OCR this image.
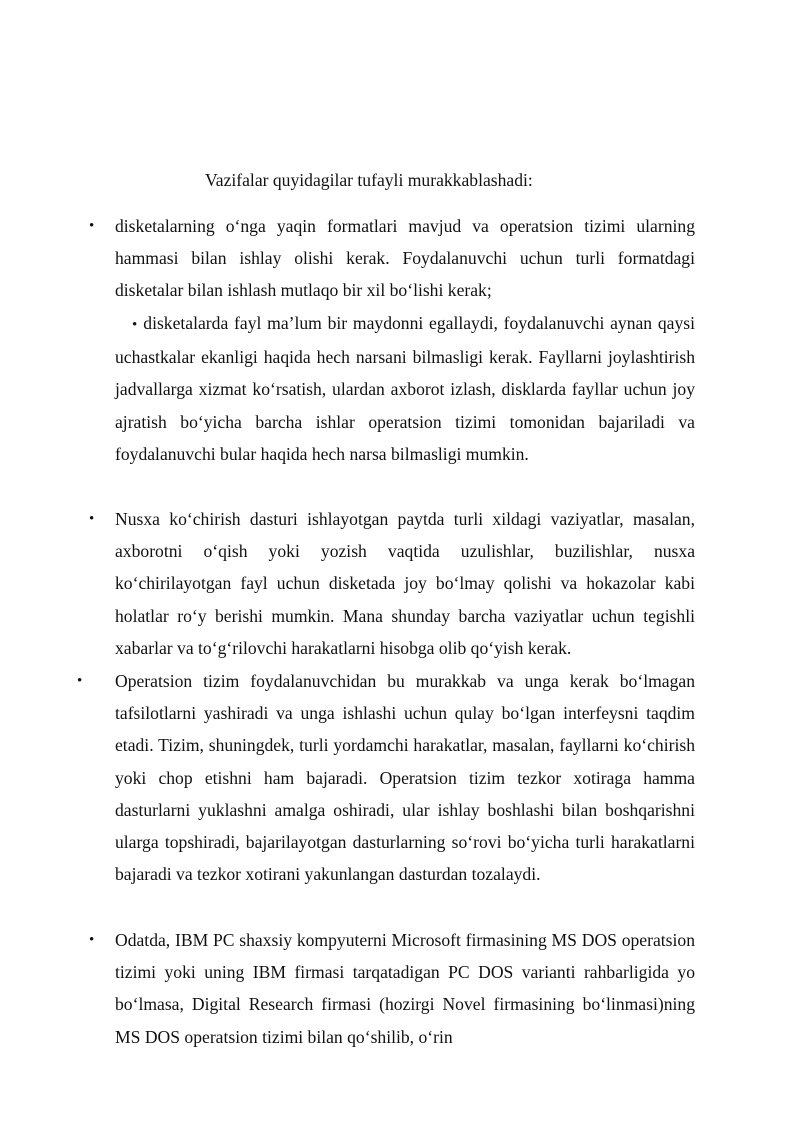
Vazifalar quyidagilar tufayli murakkablashadi:
• disketalarning o‘nga yaqin formatlari mavjud va operatsion tizimi ularning hammasi bilan ishlay olishi kerak. Foydalanuvchi uchun turli formatdagi disketalar bilan ishlash mutlaqo bir xil bo‘lishi kerak;

• disketalarda fayl ma’lum bir maydonni egallaydi, foydalanuvchi aynan qaysi uchastkalar ekanligi haqida hech narsani bilmasligi kerak. Fayllarni joylashtirish jadvallarga xizmat ko‘rsatish, ulardan axborot izlash, disklarda fayllar uchun joy ajratish bo‘yicha barcha ishlar operatsion tizimi tomonidan bajariladi va foydalanuvchi bular haqida hech narsa bilmasligi mumkin.

• Nusxa ko‘chirish dasturi ishlayotgan paytda turli xildagi vaziyatlar, masalan, axborotni o‘qish yoki yozish vaqtida uzulishlar, buzilishlar, nusxa ko‘chirilayotgan fayl uchun disketada joy bo‘lmay qolishi va hokazolar kabi holatlar ro‘y berishi mumkin. Mana shunday barcha vaziyatlar uchun tegishli xabarlar va to‘g‘rilovchi harakatlarni hisobga olib qo‘yish kerak.

• Operatsion tizim foydalanuvchidan bu murakkab va unga kerak bo‘lmagan tafsilotlarni yashiradi va unga ishlashi uchun qulay bo‘lgan interfeysni taqdim etadi. Tizim, shuningdek, turli yordamchi harakatlar, masalan, fayllarni ko‘chirish yoki chop etishni ham bajaradi. Operatsion tizim tezkor xotiraga hamma dasturlarni yuklashni amalga oshiradi, ular ishlay boshlashi bilan boshqarishni ularga topshiradi, bajarilayotgan dasturlarning so‘rovi bo‘yicha turli harakatlarni bajaradi va tezkor xotirani yakunlangan dasturdan tozalaydi.

• Odatda, IBM PC shaxsiy kompyuterni Microsoft firmasining MS DOS operatsion tizimi yoki uning IBM firmasi tarqatadigan PC DOS varianti rahbarligida yo bo‘lmasa, Digital Research firmasi (hozirgi Novel firmasining bo‘linmasi)ning MS DOS operatsion tizimi bilan qo‘shilib, o‘rin
